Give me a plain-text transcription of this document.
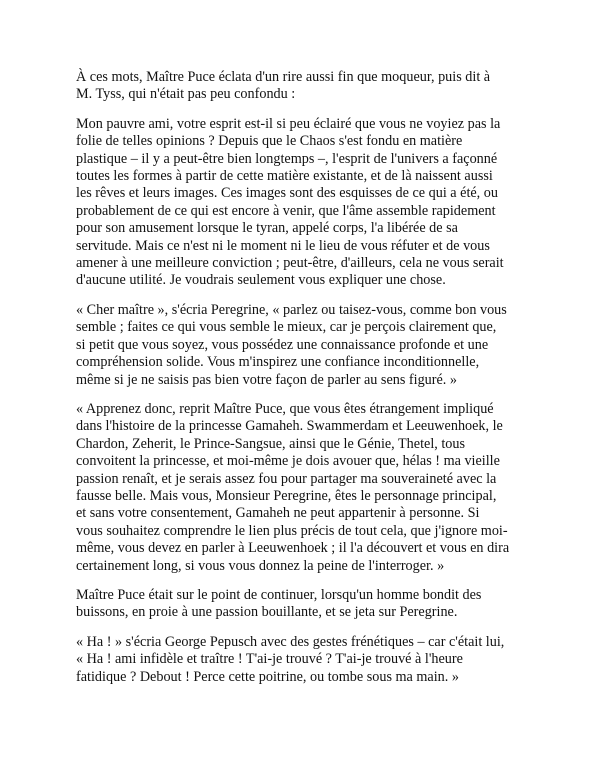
À ces mots, Maître Puce éclata d'un rire aussi fin que moqueur, puis dit à
M. Tyss, qui n'était pas peu confondu :

Mon pauvre ami, votre esprit est-il si peu éclairé que vous ne voyiez pas la
folie de telles opinions ? Depuis que le Chaos s'est fondu en matière
plastique – il y a peut-être bien longtemps –, l'esprit de l'univers a façonné
toutes les formes à partir de cette matière existante, et de là naissent aussi
les rêves et leurs images. Ces images sont des esquisses de ce qui a été, ou
probablement de ce qui est encore à venir, que l'âme assemble rapidement
pour son amusement lorsque le tyran, appelé corps, l'a libérée de sa
servitude. Mais ce n'est ni le moment ni le lieu de vous réfuter et de vous
amener à une meilleure conviction ; peut-être, d'ailleurs, cela ne vous serait
d'aucune utilité. Je voudrais seulement vous expliquer une chose.

« Cher maître », s'écria Peregrine, « parlez ou taisez-vous, comme bon vous
semble ; faites ce qui vous semble le mieux, car je perçois clairement que,
si petit que vous soyez, vous possédez une connaissance profonde et une
compréhension solide. Vous m'inspirez une confiance inconditionnelle,
même si je ne saisis pas bien votre façon de parler au sens figuré. »

« Apprenez donc, reprit Maître Puce, que vous êtes étrangement impliqué
dans l'histoire de la princesse Gamaheh. Swammerdam et Leeuwenhoek, le
Chardon, Zeherit, le Prince-Sangsue, ainsi que le Génie, Thetel, tous
convoitent la princesse, et moi-même je dois avouer que, hélas ! ma vieille
passion renaît, et je serais assez fou pour partager ma souveraineté avec la
fausse belle. Mais vous, Monsieur Peregrine, êtes le personnage principal,
et sans votre consentement, Gamaheh ne peut appartenir à personne. Si
vous souhaitez comprendre le lien plus précis de tout cela, que j'ignore moi-
même, vous devez en parler à Leeuwenhoek ; il l'a découvert et vous en dira
certainement long, si vous vous donnez la peine de l'interroger. »

Maître Puce était sur le point de continuer, lorsqu'un homme bondit des
buissons, en proie à une passion bouillante, et se jeta sur Peregrine.

« Ha ! » s'écria George Pepusch avec des gestes frénétiques – car c'était lui,
« Ha ! ami infidèle et traître ! T'ai-je trouvé ? T'ai-je trouvé à l'heure
fatidique ? Debout ! Perce cette poitrine, ou tombe sous ma main. »
